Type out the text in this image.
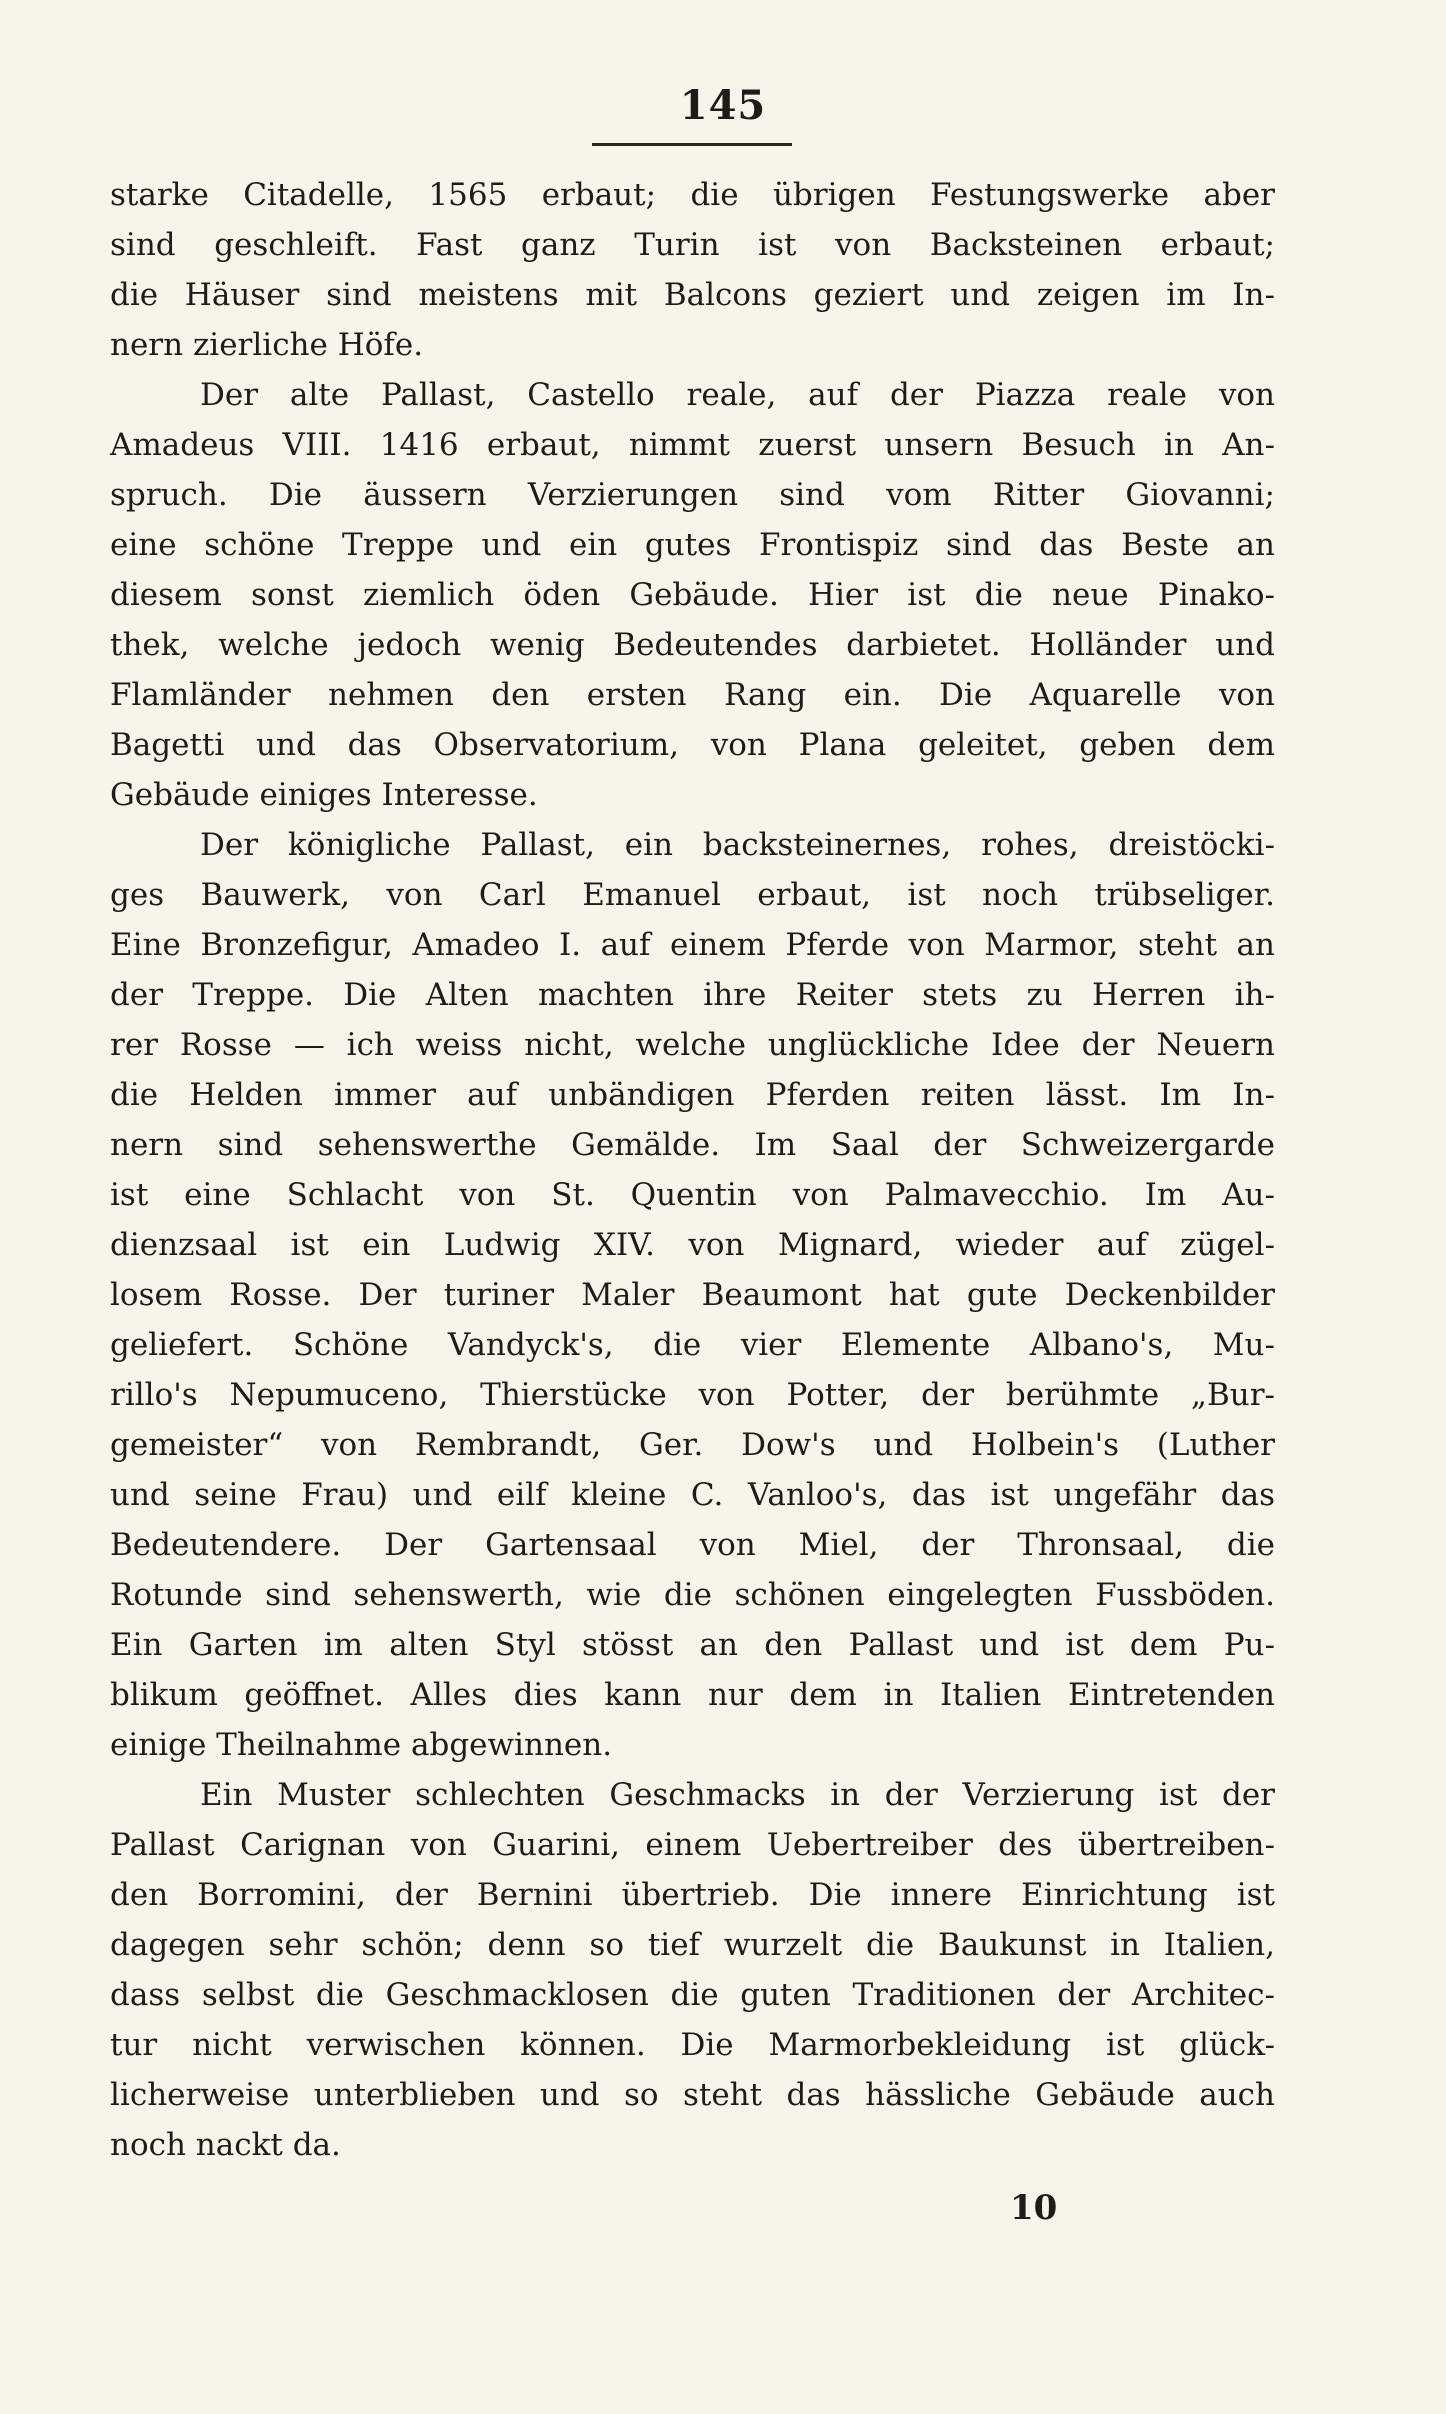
145
starke Citadelle, 1565 erbaut; die übrigen Festungswerke aber
sind geschleift. Fast ganz Turin ist von Backsteinen erbaut;
die Häuser sind meistens mit Balcons geziert und zeigen im In-
nern zierliche Höfe.
Der alte Pallast, Castello reale, auf der Piazza reale von
Amadeus VIII. 1416 erbaut, nimmt zuerst unsern Besuch in An-
spruch. Die äussern Verzierungen sind vom Ritter Giovanni;
eine schöne Treppe und ein gutes Frontispiz sind das Beste an
diesem sonst ziemlich öden Gebäude. Hier ist die neue Pinako-
thek, welche jedoch wenig Bedeutendes darbietet. Holländer und
Flamländer nehmen den ersten Rang ein. Die Aquarelle von
Bagetti und das Observatorium, von Plana geleitet, geben dem
Gebäude einiges Interesse.
Der königliche Pallast, ein backsteinernes, rohes, dreistöcki-
ges Bauwerk, von Carl Emanuel erbaut, ist noch trübseliger.
Eine Bronzefigur, Amadeo I. auf einem Pferde von Marmor, steht an
der Treppe. Die Alten machten ihre Reiter stets zu Herren ih-
rer Rosse — ich weiss nicht, welche unglückliche Idee der Neuern
die Helden immer auf unbändigen Pferden reiten lässt. Im In-
nern sind sehenswerthe Gemälde. Im Saal der Schweizergarde
ist eine Schlacht von St. Quentin von Palmavecchio. Im Au-
dienzsaal ist ein Ludwig XIV. von Mignard, wieder auf zügel-
losem Rosse. Der turiner Maler Beaumont hat gute Deckenbilder
geliefert. Schöne Vandyck's, die vier Elemente Albano's, Mu-
rillo's Nepumuceno, Thierstücke von Potter, der berühmte „Bur-
gemeister“ von Rembrandt, Ger. Dow's und Holbein's (Luther
und seine Frau) und eilf kleine C. Vanloo's, das ist ungefähr das
Bedeutendere. Der Gartensaal von Miel, der Thronsaal, die
Rotunde sind sehenswerth, wie die schönen eingelegten Fussböden.
Ein Garten im alten Styl stösst an den Pallast und ist dem Pu-
blikum geöffnet. Alles dies kann nur dem in Italien Eintretenden
einige Theilnahme abgewinnen.
Ein Muster schlechten Geschmacks in der Verzierung ist der
Pallast Carignan von Guarini, einem Uebertreiber des übertreiben-
den Borromini, der Bernini übertrieb. Die innere Einrichtung ist
dagegen sehr schön; denn so tief wurzelt die Baukunst in Italien,
dass selbst die Geschmacklosen die guten Traditionen der Architec-
tur nicht verwischen können. Die Marmorbekleidung ist glück-
licherweise unterblieben und so steht das hässliche Gebäude auch
noch nackt da.
10
